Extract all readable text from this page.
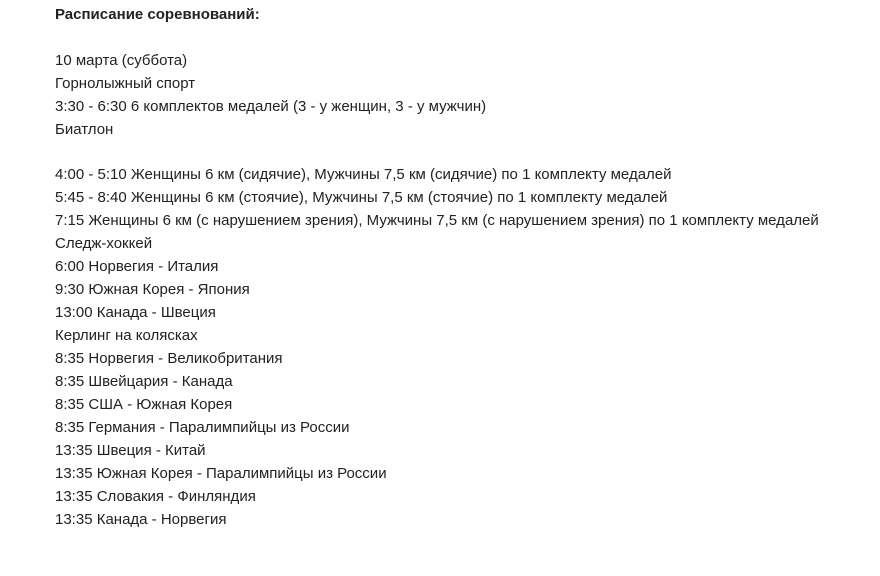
Расписание соревнований:
10 марта (суббота)
Горнолыжный спорт
3:30 - 6:30 6 комплектов медалей (3 - у женщин, 3 - у мужчин)
Биатлон
4:00 - 5:10 Женщины 6 км (сидячие), Мужчины 7,5 км (сидячие) по 1 комплекту медалей
5:45 - 8:40 Женщины 6 км (стоячие), Мужчины 7,5 км (стоячие) по 1 комплекту медалей
7:15 Женщины 6 км (с нарушением зрения), Мужчины 7,5 км (с нарушением зрения) по 1 комплекту медалей
Следж-хоккей
6:00 Норвегия - Италия
9:30 Южная Корея - Япония
13:00 Канада - Швеция
Керлинг на колясках
8:35 Норвегия - Великобритания
8:35 Швейцария - Канада
8:35 США - Южная Корея
8:35 Германия - Паралимпийцы из России
13:35 Швеция - Китай
13:35 Южная Корея - Паралимпийцы из России
13:35 Словакия - Финляндия
13:35 Канада - Норвегия
